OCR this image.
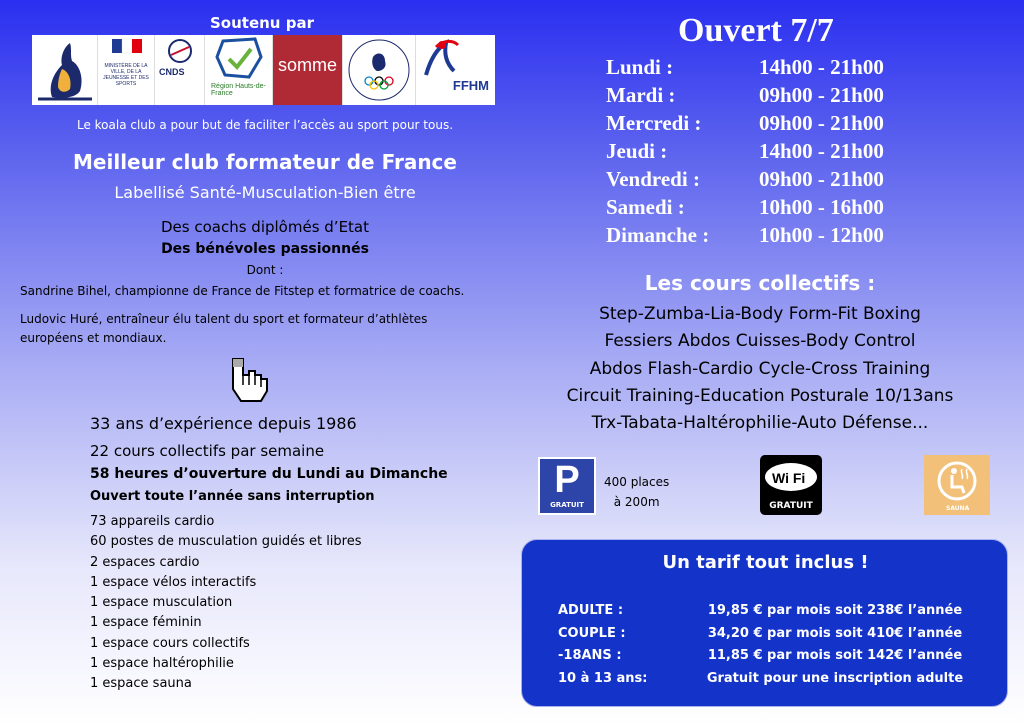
Soutenu par
MINISTÈRE DE LA VILLE, DE LA JEUNESSE ET DES SPORTS
CNDS
Région Hauts-de-France
somme
FFHM
Le koala club a pour but de faciliter l’accès au sport pour tous.
Meilleur club formateur de France
Labellisé Santé-Musculation-Bien être
Des coachs diplômés d’Etat
Des bénévoles passionnés
Dont :
Sandrine Bihel, championne de France de Fitstep et formatrice de coachs.
Ludovic Huré, entraîneur élu talent du sport et formateur d’athlètes européens et mondiaux.
33 ans d’expérience depuis 1986
22 cours collectifs par semaine
58 heures d’ouverture du Lundi au Dimanche
Ouvert toute l’année sans interruption
73 appareils cardio
60 postes de musculation guidés et libres
2 espaces cardio
1 espace vélos interactifs
1 espace musculation
1 espace féminin
1 espace cours collectifs
1 espace haltérophilie
1 espace sauna
Ouvert 7/7
Lundi :	14h00 - 21h00
Mardi :	09h00 - 21h00
Mercredi :	09h00 - 21h00
Jeudi :	14h00 - 21h00
Vendredi :	09h00 - 21h00
Samedi :	10h00 - 16h00
Dimanche :	10h00 - 12h00
Les cours collectifs :
Step-Zumba-Lia-Body Form-Fit Boxing
Fessiers Abdos Cuisses-Body Control
Abdos Flash-Cardio Cycle-Cross Training
Circuit Training-Education Posturale 10/13ans
Trx-Tabata-Haltérophilie-Auto Défense...
P
GRATUIT
400 places
à 200m
Wi Fi
GRATUIT	SAUNA
Un tarif tout inclus !
ADULTE :	19,85 € par mois soit 238€ l’année
COUPLE :	34,20 € par mois soit 410€ l’année
-18ANS :	11,85 € par mois soit 142€ l’année
10 à 13 ans:	Gratuit pour une inscription adulte
